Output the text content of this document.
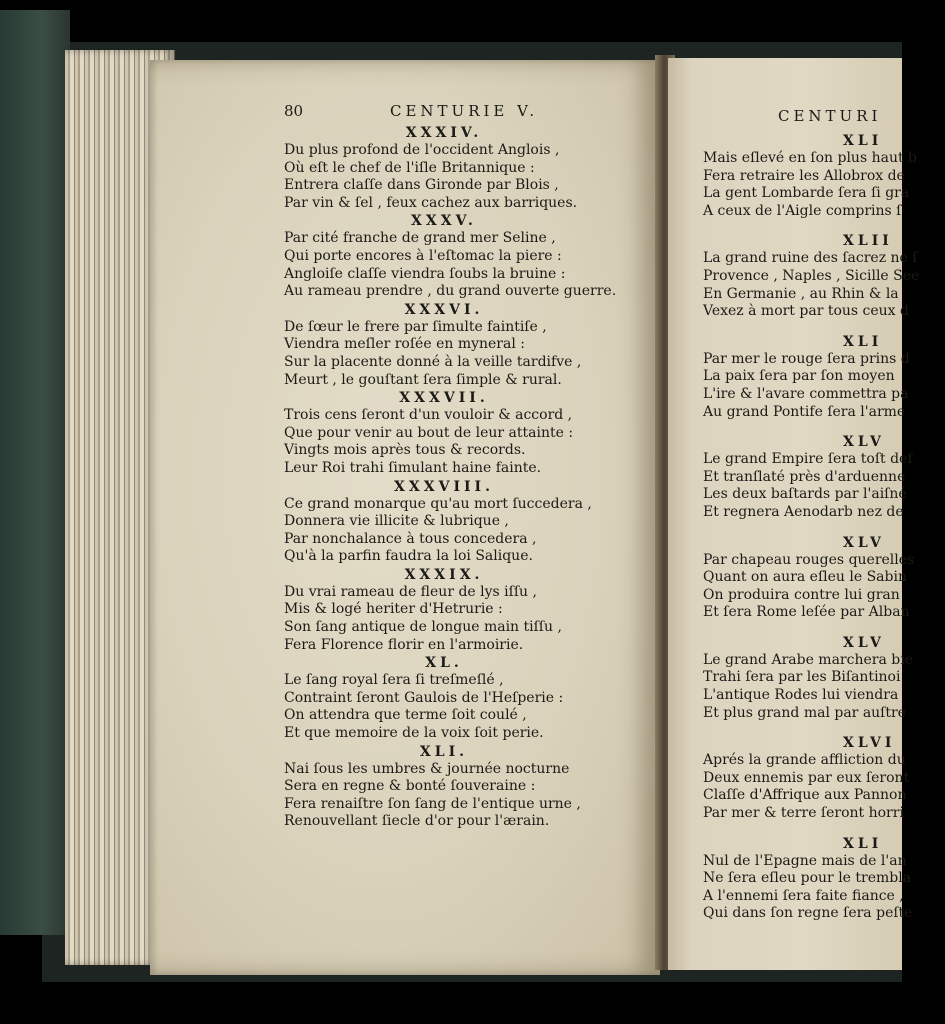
80	CENTURIE V.
XXXIV.
Du plus profond de l'occident Anglois ,
Où eſt le chef de l'iſle Britannique :
Entrera claſſe dans Gironde par Blois ,
Par vin & ſel , feux cachez aux barriques.
XXXV.
Par cité franche de grand mer Seline ,
Qui porte encores à l'eſtomac la piere :
Angloiſe claſſe viendra ſoubs la bruine :
Au rameau prendre , du grand ouverte guerre.
XXXVI.
De ſœur le frere par ſimulte faintiſe ,
Viendra meſler roſée en myneral :
Sur la placente donné à la veille tardifve ,
Meurt , le gouſtant ſera ſimple & rural.
XXXVII.
Trois cens ſeront d'un vouloir & accord ,
Que pour venir au bout de leur attainte :
Vingts mois après tous & records.
Leur Roi trahi ſimulant haine fainte.
XXXVIII.
Ce grand monarque qu'au mort ſuccedera ,
Donnera vie illicite & lubrique ,
Par nonchalance à tous concedera ,
Qu'à la parfin faudra la loi Salique.
XXXIX.
Du vrai rameau de fleur de lys iſſu ,
Mis & logé heriter d'Hetrurie :
Son ſang antique de longue main tiſſu ,
Fera Florence florir en l'armoirie.
XL.
Le ſang royal ſera ſi treſmeſlé ,
Contraint ſeront Gaulois de l'Heſperie :
On attendra que terme ſoit coulé ,
Et que memoire de la voix ſoit perie.
XLI.
Nai ſous les umbres & journée nocturne
Sera en regne & bonté ſouveraine :
Fera renaiſtre ſon ſang de l'entique urne ,
Renouvellant ſiecle d'or pour l'ærain.
CENTURI
XLI
Mais eſlevé en ſon plus haut b
Fera retraire les Allobrox de
La gent Lombarde ſera ſi gra
A ceux de l'Aigle comprins ſ
XLII
La grand ruine des ſacrez ne ſ
Provence , Naples , Sicille See
En Germanie , au Rhin & la
Vexez à mort par tous ceux d
XLI
Par mer le rouge ſera prins d
La paix ſera par ſon moyen
L'ire & l'avare commettra pa
Au grand Pontife ſera l'arme
XLV
Le grand Empire ſera toſt def
Et tranſlaté près d'arduenne
Les deux baſtards par l'aiſné
Et regnera Aenodarb nez de
XLV
Par chapeau rouges querelles
Quant on aura eſleu le Sabin
On produira contre lui gran
Et ſera Rome leſée par Alban
XLV
Le grand Arabe marchera bie
Trahi ſera par les Biſantinoi
L'antique Rodes lui viendra
Et plus grand mal par auſtre
XLVI
Aprés la grande affliction du
Deux ennemis par eux ſeront
Claſſe d'Affrique aux Pannon
Par mer & terre ſeront horri
XLI
Nul de l'Epagne mais de l'an
Ne ſera eſleu pour le trembla
A l'ennemi ſera faite fiance ,
Qui dans ſon regne ſera peſte
